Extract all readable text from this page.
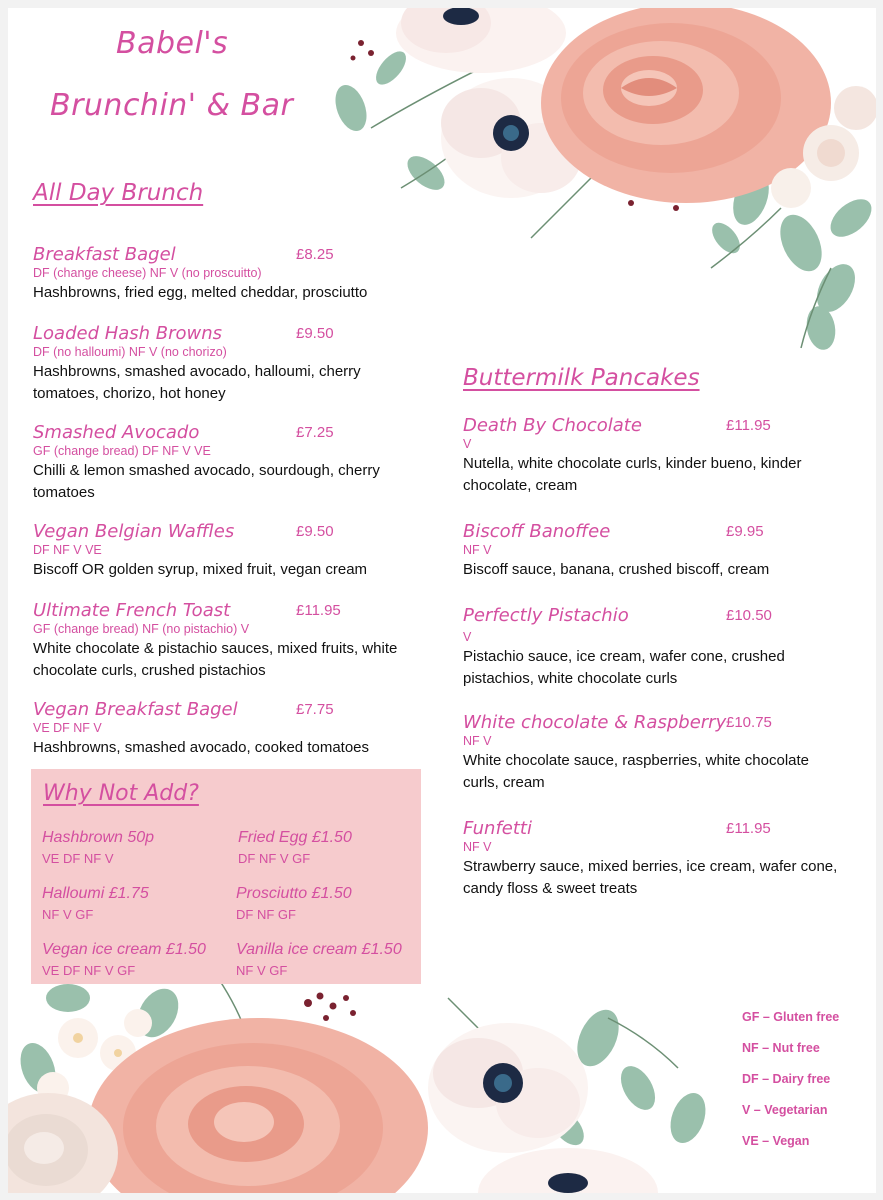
Babel's
Brunchin' & Bar
All Day Brunch
Breakfast Bagel	£8.25
DF (change cheese) NF V (no proscuitto)
Hashbrowns, fried egg, melted cheddar, prosciutto
Loaded Hash Browns	£9.50
DF (no halloumi) NF V (no chorizo)
Hashbrowns, smashed avocado, halloumi, cherry tomatoes, chorizo, hot honey
Smashed Avocado	£7.25
GF (change bread) DF NF V VE
Chilli & lemon smashed avocado, sourdough, cherry tomatoes
Vegan Belgian Waffles	£9.50
DF NF V VE
Biscoff OR golden syrup, mixed fruit, vegan cream
Ultimate French Toast	£11.95
GF (change bread) NF (no pistachio) V
White chocolate & pistachio sauces, mixed fruits, white chocolate curls, crushed pistachios
Vegan Breakfast Bagel	£7.75
VE DF NF V
Hashbrowns, smashed avocado, cooked tomatoes
Why Not Add?
Hashbrown 50p
VE DF NF V
Fried Egg £1.50
DF NF V GF
Halloumi £1.75
NF V GF
Prosciutto £1.50
DF NF GF
Vegan ice cream £1.50
VE DF NF V GF
Vanilla ice cream £1.50
NF V GF
Buttermilk Pancakes
Death By Chocolate	£11.95
V
Nutella, white chocolate curls, kinder bueno, kinder chocolate, cream
Biscoff Banoffee	£9.95
NF V
Biscoff sauce, banana, crushed biscoff, cream
Perfectly Pistachio	£10.50
V
Pistachio sauce, ice cream, wafer cone, crushed pistachios, white chocolate curls
White chocolate & Raspberry £10.75
NF V
White chocolate sauce, raspberries, white chocolate curls, cream
Funfetti	£11.95
NF V
Strawberry sauce, mixed berries, ice cream, wafer cone, candy floss & sweet treats
GF – Gluten free
NF – Nut free
DF – Dairy free
V – Vegetarian
VE – Vegan
